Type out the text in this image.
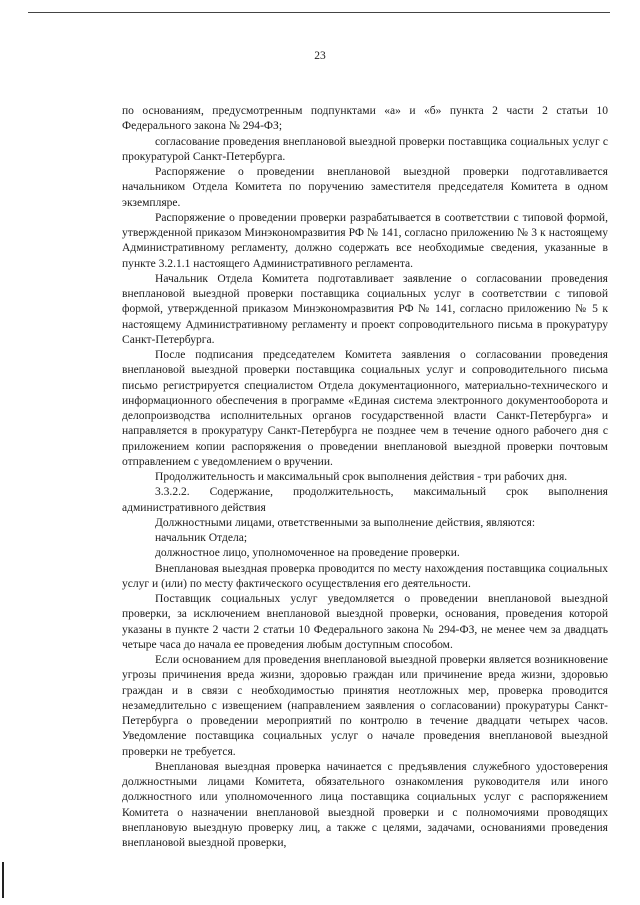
23

по основаниям, предусмотренным подпунктами «а» и «б» пункта 2 части 2 статьи 10 Федерального закона № 294-ФЗ;

согласование проведения внеплановой выездной проверки поставщика социальных услуг с прокуратурой Санкт-Петербурга.

Распоряжение о проведении внеплановой выездной проверки подготавливается начальником Отдела Комитета по поручению заместителя председателя Комитета в одном экземпляре.

Распоряжение о проведении проверки разрабатывается в соответствии с типовой формой, утвержденной приказом Минэкономразвития РФ № 141, согласно приложению № 3 к настоящему Административному регламенту, должно содержать все необходимые сведения, указанные в пункте 3.2.1.1 настоящего Административного регламента.

Начальник Отдела Комитета подготавливает заявление о согласовании проведения внеплановой выездной проверки поставщика социальных услуг в соответствии с типовой формой, утвержденной приказом Минэкономразвития РФ № 141, согласно приложению № 5 к настоящему Административному регламенту и проект сопроводительного письма в прокуратуру Санкт-Петербурга.

После подписания председателем Комитета заявления о согласовании проведения внеплановой выездной проверки поставщика социальных услуг и сопроводительного письма письмо регистрируется специалистом Отдела документационного, материально-технического и информационного обеспечения в программе «Единая система электронного документооборота и делопроизводства исполнительных органов государственной власти Санкт-Петербурга» и направляется в прокуратуру Санкт-Петербурга не позднее чем в течение одного рабочего дня с приложением копии распоряжения о проведении внеплановой выездной проверки почтовым отправлением с уведомлением о вручении.

Продолжительность и максимальный срок выполнения действия - три рабочих дня.

3.3.2.2. Содержание, продолжительность, максимальный срок выполнения административного действия

Должностными лицами, ответственными за выполнение действия, являются:

начальник Отдела;

должностное лицо, уполномоченное на проведение проверки.

Внеплановая выездная проверка проводится по месту нахождения поставщика социальных услуг и (или) по месту фактического осуществления его деятельности.

Поставщик социальных услуг уведомляется о проведении внеплановой выездной проверки, за исключением внеплановой выездной проверки, основания, проведения которой указаны в пункте 2 части 2 статьи 10 Федерального закона № 294-ФЗ, не менее чем за двадцать четыре часа до начала ее проведения любым доступным способом.

Если основанием для проведения внеплановой выездной проверки является возникновение угрозы причинения вреда жизни, здоровью граждан или причинение вреда жизни, здоровью граждан и в связи с необходимостью принятия неотложных мер, проверка проводится незамедлительно с извещением (направлением заявления о согласовании) прокуратуры Санкт-Петербурга о проведении мероприятий по контролю в течение двадцати четырех часов. Уведомление поставщика социальных услуг о начале проведения внеплановой выездной проверки не требуется.

Внеплановая выездная проверка начинается с предъявления служебного удостоверения должностными лицами Комитета, обязательного ознакомления руководителя или иного должностного или уполномоченного лица поставщика социальных услуг с распоряжением Комитета о назначении внеплановой выездной проверки и с полномочиями проводящих внеплановую выездную проверку лиц, а также с целями, задачами, основаниями проведения внеплановой выездной проверки,
